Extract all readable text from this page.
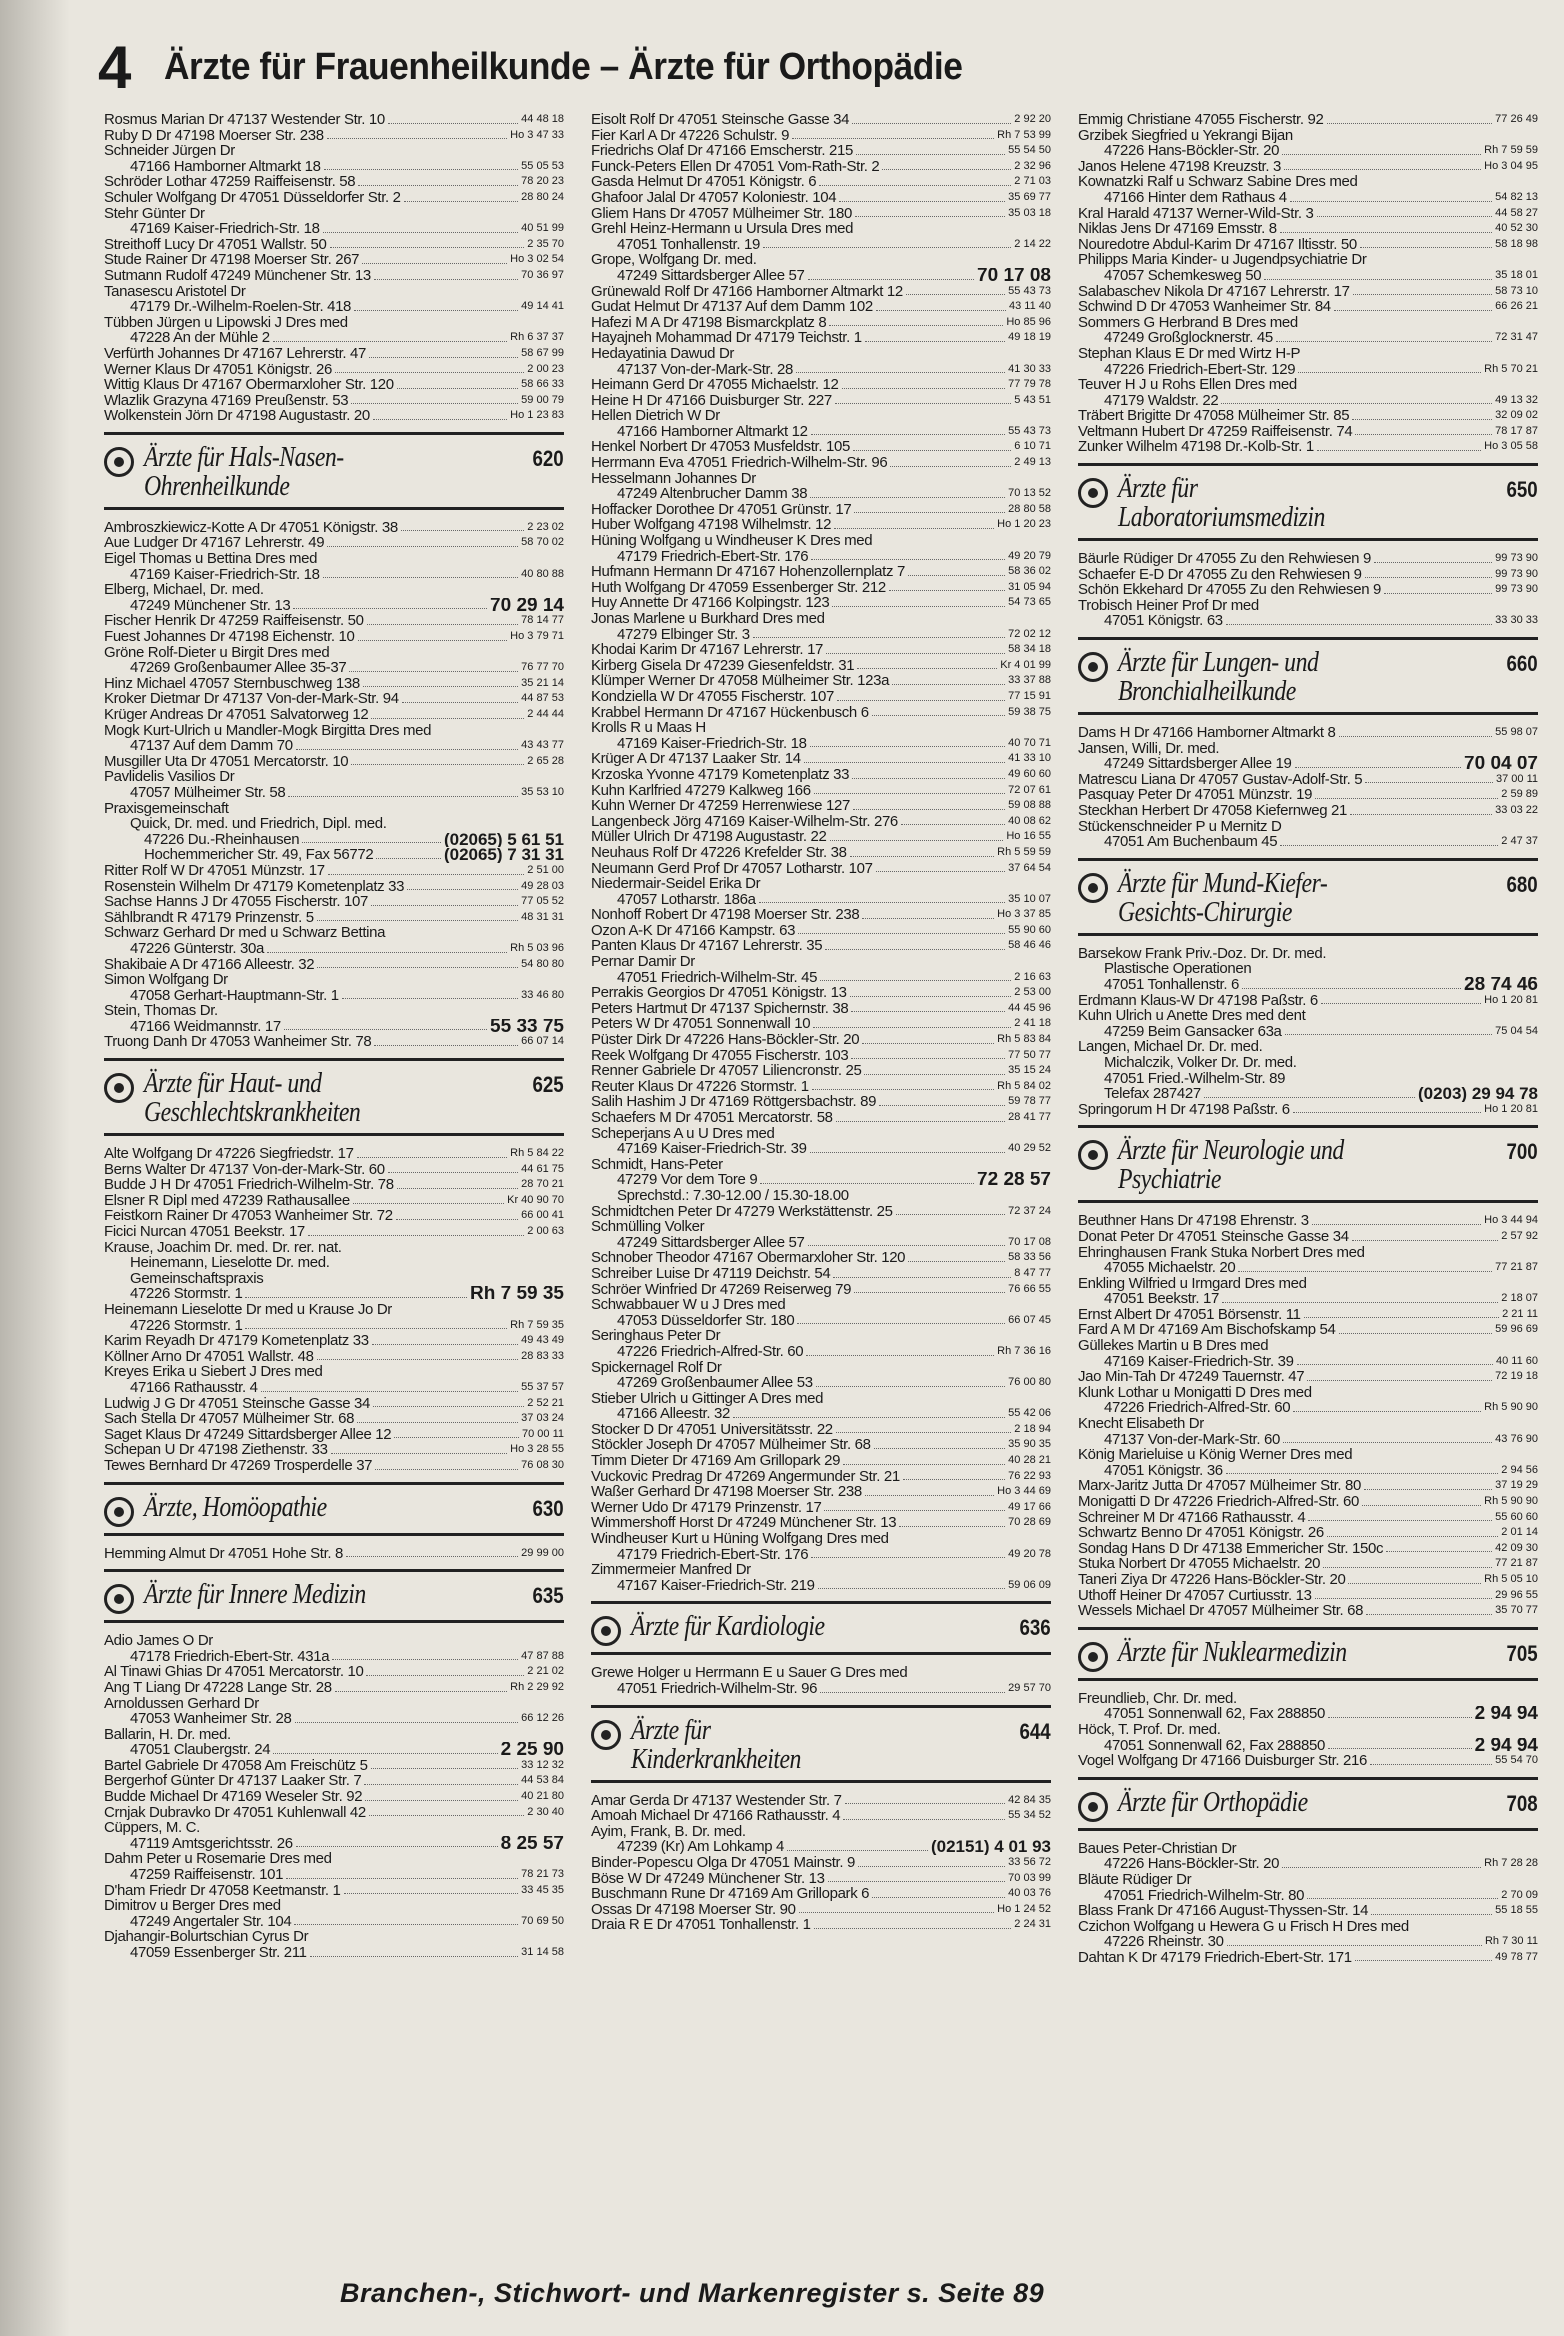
4 Ärzte für Frauenheilkunde – Ärzte für Orthopädie
Rosmus Marian Dr 47137 Westender Str. 10	44 48 18
Ruby D Dr 47198 Moerser Str. 238	Ho 3 47 33
Schneider Jürgen Dr
47166 Hamborner Altmarkt 18	55 05 53
Schröder Lothar 47259 Raiffeisenstr. 58	78 20 23
Schuler Wolfgang Dr 47051 Düsseldorfer Str. 2	28 80 24
Stehr Günter Dr
47169 Kaiser-Friedrich-Str. 18	40 51 99
Streithoff Lucy Dr 47051 Wallstr. 50	2 35 70
Stude Rainer Dr 47198 Moerser Str. 267	Ho 3 02 54
Sutmann Rudolf 47249 Münchener Str. 13	70 36 97
Tanasescu Aristotel Dr
47179 Dr.-Wilhelm-Roelen-Str. 418	49 14 41
Tübben Jürgen u Lipowski J Dres med
47228 An der Mühle 2	Rh 6 37 37
Verfürth Johannes Dr 47167 Lehrerstr. 47	58 67 99
Werner Klaus Dr 47051 Königstr. 26	2 00 23
Wittig Klaus Dr 47167 Obermarxloher Str. 120	58 66 33
Wlazlik Grazyna 47169 Preußenstr. 53	59 00 79
Wolkenstein Jörn Dr 47198 Augustastr. 20	Ho 1 23 83
Ärzte für Hals-Nasen-
Ohrenheilkunde
620
Ambroszkiewicz-Kotte A Dr 47051 Königstr. 38	2 23 02
Aue Ludger Dr 47167 Lehrerstr. 49	58 70 02
Eigel Thomas u Bettina Dres med
47169 Kaiser-Friedrich-Str. 18	40 80 88
Elberg, Michael, Dr. med.
47249 Münchener Str. 13	70 29 14
Fischer Henrik Dr 47259 Raiffeisenstr. 50	78 14 77
Fuest Johannes Dr 47198 Eichenstr. 10	Ho 3 79 71
Gröne Rolf-Dieter u Birgit Dres med
47269 Großenbaumer Allee 35-37	76 77 70
Hinz Michael 47057 Sternbuschweg 138	35 21 14
Kroker Dietmar Dr 47137 Von-der-Mark-Str. 94	44 87 53
Krüger Andreas Dr 47051 Salvatorweg 12	2 44 44
Mogk Kurt-Ulrich u Mandler-Mogk Birgitta Dres med
47137 Auf dem Damm 70	43 43 77
Musgiller Uta Dr 47051 Mercatorstr. 10	2 65 28
Pavlidelis Vasilios Dr
47057 Mülheimer Str. 58	35 53 10
Praxisgemeinschaft
Quick, Dr. med. und Friedrich, Dipl. med.
47226 Du.-Rheinhausen	(02065) 5 61 51
Hochemmericher Str. 49, Fax 56772	(02065) 7 31 31
Ritter Rolf W Dr 47051 Münzstr. 17	2 51 00
Rosenstein Wilhelm Dr 47179 Kometenplatz 33	49 28 03
Sachse Hanns J Dr 47055 Fischerstr. 107	77 05 52
Sählbrandt R 47179 Prinzenstr. 5	48 31 31
Schwarz Gerhard Dr med u Schwarz Bettina
47226 Günterstr. 30a	Rh 5 03 96
Shakibaie A Dr 47166 Alleestr. 32	54 80 80
Simon Wolfgang Dr
47058 Gerhart-Hauptmann-Str. 1	33 46 80
Stein, Thomas Dr.
47166 Weidmannstr. 17	55 33 75
Truong Danh Dr 47053 Wanheimer Str. 78	66 07 14
Ärzte für Haut- und
Geschlechtskrankheiten
625
Alte Wolfgang Dr 47226 Siegfriedstr. 17	Rh 5 84 22
Berns Walter Dr 47137 Von-der-Mark-Str. 60	44 61 75
Budde J H Dr 47051 Friedrich-Wilhelm-Str. 78	28 70 21
Elsner R Dipl med 47239 Rathausallee	Kr 40 90 70
Feistkorn Rainer Dr 47053 Wanheimer Str. 72	66 00 41
Ficici Nurcan 47051 Beekstr. 17	2 00 63
Krause, Joachim Dr. med. Dr. rer. nat.
Heinemann, Lieselotte Dr. med.
Gemeinschaftspraxis
47226 Stormstr. 1	Rh 7 59 35
Heinemann Lieselotte Dr med u Krause Jo Dr
47226 Stormstr. 1	Rh 7 59 35
Karim Reyadh Dr 47179 Kometenplatz 33	49 43 49
Köllner Arno Dr 47051 Wallstr. 48	28 83 33
Kreyes Erika u Siebert J Dres med
47166 Rathausstr. 4	55 37 57
Ludwig J G Dr 47051 Steinsche Gasse 34	2 52 21
Sach Stella Dr 47057 Mülheimer Str. 68	37 03 24
Saget Klaus Dr 47249 Sittardsberger Allee 12	70 00 11
Schepan U Dr 47198 Ziethenstr. 33	Ho 3 28 55
Tewes Bernhard Dr 47269 Trosperdelle 37	76 08 30
Ärzte, Homöopathie	630
Hemming Almut Dr 47051 Hohe Str. 8	29 99 00
Ärzte für Innere Medizin	635
Adio James O Dr
47178 Friedrich-Ebert-Str. 431a	47 87 88
Al Tinawi Ghias Dr 47051 Mercatorstr. 10	2 21 02
Ang T Liang Dr 47228 Lange Str. 28	Rh 2 29 92
Arnoldussen Gerhard Dr
47053 Wanheimer Str. 28	66 12 26
Ballarin, H. Dr. med.
47051 Claubergstr. 24	2 25 90
Bartel Gabriele Dr 47058 Am Freischütz 5	33 12 32
Bergerhof Günter Dr 47137 Laaker Str. 7	44 53 84
Budde Michael Dr 47169 Weseler Str. 92	40 21 80
Crnjak Dubravko Dr 47051 Kuhlenwall 42	2 30 40
Cüppers, M. C.
47119 Amtsgerichtsstr. 26	8 25 57
Dahm Peter u Rosemarie Dres med
47259 Raiffeisenstr. 101	78 21 73
D'ham Friedr Dr 47058 Keetmanstr. 1	33 45 35
Dimitrov u Berger Dres med
47249 Angertaler Str. 104	70 69 50
Djahangir-Bolurtschian Cyrus Dr
47059 Essenberger Str. 211	31 14 58
Eisolt Rolf Dr 47051 Steinsche Gasse 34	2 92 20
Fier Karl A Dr 47226 Schulstr. 9	Rh 7 53 99
Friedrichs Olaf Dr 47166 Emscherstr. 215	55 54 50
Funck-Peters Ellen Dr 47051 Vom-Rath-Str. 2	2 32 96
Gasda Helmut Dr 47051 Königstr. 6	2 71 03
Ghafoor Jalal Dr 47057 Koloniestr. 104	35 69 77
Gliem Hans Dr 47057 Mülheimer Str. 180	35 03 18
Grehl Heinz-Hermann u Ursula Dres med
47051 Tonhallenstr. 19	2 14 22
Grope, Wolfgang Dr. med.
47249 Sittardsberger Allee 57	70 17 08
Grünewald Rolf Dr 47166 Hamborner Altmarkt 12	55 43 73
Gudat Helmut Dr 47137 Auf dem Damm 102	43 11 40
Hafezi M A Dr 47198 Bismarckplatz 8	Ho 85 96
Hayajneh Mohammad Dr 47179 Teichstr. 1	49 18 19
Hedayatinia Dawud Dr
47137 Von-der-Mark-Str. 28	41 30 33
Heimann Gerd Dr 47055 Michaelstr. 12	77 79 78
Heine H Dr 47166 Duisburger Str. 227	5 43 51
Hellen Dietrich W Dr
47166 Hamborner Altmarkt 12	55 43 73
Henkel Norbert Dr 47053 Musfeldstr. 105	6 10 71
Herrmann Eva 47051 Friedrich-Wilhelm-Str. 96	2 49 13
Hesselmann Johannes Dr
47249 Altenbrucher Damm 38	70 13 52
Hoffacker Dorothee Dr 47051 Grünstr. 17	28 80 58
Huber Wolfgang 47198 Wilhelmstr. 12	Ho 1 20 23
Hüning Wolfgang u Windheuser K Dres med
47179 Friedrich-Ebert-Str. 176	49 20 79
Hufmann Hermann Dr 47167 Hohenzollernplatz 7	58 36 02
Huth Wolfgang Dr 47059 Essenberger Str. 212	31 05 94
Huy Annette Dr 47166 Kolpingstr. 123	54 73 65
Jonas Marlene u Burkhard Dres med
47279 Elbinger Str. 3	72 02 12
Khodai Karim Dr 47167 Lehrerstr. 17	58 34 18
Kirberg Gisela Dr 47239 Giesenfeldstr. 31	Kr 4 01 99
Klümper Werner Dr 47058 Mülheimer Str. 123a	33 37 88
Kondziella W Dr 47055 Fischerstr. 107	77 15 91
Krabbel Hermann Dr 47167 Hückenbusch 6	59 38 75
Krolls R u Maas H
47169 Kaiser-Friedrich-Str. 18	40 70 71
Krüger A Dr 47137 Laaker Str. 14	41 33 10
Krzoska Yvonne 47179 Kometenplatz 33	49 60 60
Kuhn Karlfried 47279 Kalkweg 166	72 07 61
Kuhn Werner Dr 47259 Herrenwiese 127	59 08 88
Langenbeck Jörg 47169 Kaiser-Wilhelm-Str. 276	40 08 62
Müller Ulrich Dr 47198 Augustastr. 22	Ho 16 55
Neuhaus Rolf Dr 47226 Krefelder Str. 38	Rh 5 59 59
Neumann Gerd Prof Dr 47057 Lotharstr. 107	37 64 54
Niedermair-Seidel Erika Dr
47057 Lotharstr. 186a	35 10 07
Nonhoff Robert Dr 47198 Moerser Str. 238	Ho 3 37 85
Ozon A-K Dr 47166 Kampstr. 63	55 90 60
Panten Klaus Dr 47167 Lehrerstr. 35	58 46 46
Pernar Damir Dr
47051 Friedrich-Wilhelm-Str. 45	2 16 63
Perrakis Georgios Dr 47051 Königstr. 13	2 53 00
Peters Hartmut Dr 47137 Spichernstr. 38	44 45 96
Peters W Dr 47051 Sonnenwall 10	2 41 18
Püster Dirk Dr 47226 Hans-Böckler-Str. 20	Rh 5 83 84
Reek Wolfgang Dr 47055 Fischerstr. 103	77 50 77
Renner Gabriele Dr 47057 Liliencronstr. 25	35 15 24
Reuter Klaus Dr 47226 Stormstr. 1	Rh 5 84 02
Salih Hashim J Dr 47169 Röttgersbachstr. 89	59 78 77
Schaefers M Dr 47051 Mercatorstr. 58	28 41 77
Scheperjans A u U Dres med
47169 Kaiser-Friedrich-Str. 39	40 29 52
Schmidt, Hans-Peter
47279 Vor dem Tore 9	72 28 57
Sprechstd.: 7.30-12.00 / 15.30-18.00
Schmidtchen Peter Dr 47279 Werkstättenstr. 25	72 37 24
Schmülling Volker
47249 Sittardsberger Allee 57	70 17 08
Schnober Theodor 47167 Obermarxloher Str. 120	58 33 56
Schreiber Luise Dr 47119 Deichstr. 54	8 47 77
Schröer Winfried Dr 47269 Reiserweg 79	76 66 55
Schwabbauer W u J Dres med
47053 Düsseldorfer Str. 180	66 07 45
Seringhaus Peter Dr
47226 Friedrich-Alfred-Str. 60	Rh 7 36 16
Spickernagel Rolf Dr
47269 Großenbaumer Allee 53	76 00 80
Stieber Ulrich u Gittinger A Dres med
47166 Alleestr. 32	55 42 06
Stocker D Dr 47051 Universitätsstr. 22	2 18 94
Stöckler Joseph Dr 47057 Mülheimer Str. 68	35 90 35
Timm Dieter Dr 47169 Am Grillopark 29	40 28 21
Vuckovic Predrag Dr 47269 Angermunder Str. 21	76 22 93
Waßer Gerhard Dr 47198 Moerser Str. 238	Ho 3 44 69
Werner Udo Dr 47179 Prinzenstr. 17	49 17 66
Wimmershoff Horst Dr 47249 Münchener Str. 13	70 28 69
Windheuser Kurt u Hüning Wolfgang Dres med
47179 Friedrich-Ebert-Str. 176	49 20 78
Zimmermeier Manfred Dr
47167 Kaiser-Friedrich-Str. 219	59 06 09
Ärzte für Kardiologie	636
Grewe Holger u Herrmann E u Sauer G Dres med
47051 Friedrich-Wilhelm-Str. 96	29 57 70
Ärzte für
Kinderkrankheiten
644
Amar Gerda Dr 47137 Westender Str. 7	42 84 35
Amoah Michael Dr 47166 Rathausstr. 4	55 34 52
Ayim, Frank, B. Dr. med.
47239 (Kr) Am Lohkamp 4	(02151) 4 01 93
Binder-Popescu Olga Dr 47051 Mainstr. 9	33 56 72
Böse W Dr 47249 Münchener Str. 13	70 03 99
Buschmann Rune Dr 47169 Am Grillopark 6	40 03 76
Ossas Dr 47198 Moerser Str. 90	Ho 1 24 52
Draia R E Dr 47051 Tonhallenstr. 1	2 24 31
Emmig Christiane 47055 Fischerstr. 92	77 26 49
Grzibek Siegfried u Yekrangi Bijan
47226 Hans-Böckler-Str. 20	Rh 7 59 59
Janos Helene 47198 Kreuzstr. 3	Ho 3 04 95
Kownatzki Ralf u Schwarz Sabine Dres med
47166 Hinter dem Rathaus 4	54 82 13
Kral Harald 47137 Werner-Wild-Str. 3	44 58 27
Niklas Jens Dr 47169 Emsstr. 8	40 52 30
Nouredotre Abdul-Karim Dr 47167 Iltisstr. 50	58 18 98
Philipps Maria Kinder- u Jugendpsychiatrie Dr
47057 Schemkesweg 50	35 18 01
Salabaschev Nikola Dr 47167 Lehrerstr. 17	58 73 10
Schwind D Dr 47053 Wanheimer Str. 84	66 26 21
Sommers G Herbrand B Dres med
47249 Großglocknerstr. 45	72 31 47
Stephan Klaus E Dr med Wirtz H-P
47226 Friedrich-Ebert-Str. 129	Rh 5 70 21
Teuver H J u Rohs Ellen Dres med
47179 Waldstr. 22	49 13 32
Träbert Brigitte Dr 47058 Mülheimer Str. 85	32 09 02
Veltmann Hubert Dr 47259 Raiffeisenstr. 74	78 17 87
Zunker Wilhelm 47198 Dr.-Kolb-Str. 1	Ho 3 05 58
Ärzte für
Laboratoriumsmedizin
650
Bäurle Rüdiger Dr 47055 Zu den Rehwiesen 9	99 73 90
Schaefer E-D Dr 47055 Zu den Rehwiesen 9	99 73 90
Schön Ekkehard Dr 47055 Zu den Rehwiesen 9	99 73 90
Trobisch Heiner Prof Dr med
47051 Königstr. 63	33 30 33
Ärzte für Lungen- und
Bronchialheilkunde
660
Dams H Dr 47166 Hamborner Altmarkt 8	55 98 07
Jansen, Willi, Dr. med.
47249 Sittardsberger Allee 19	70 04 07
Matrescu Liana Dr 47057 Gustav-Adolf-Str. 5	37 00 11
Pasquay Peter Dr 47051 Münzstr. 19	2 59 89
Steckhan Herbert Dr 47058 Kiefernweg 21	33 03 22
Stückenschneider P u Mernitz D
47051 Am Buchenbaum 45	2 47 37
Ärzte für Mund-Kiefer-
Gesichts-Chirurgie
680
Barsekow Frank Priv.-Doz. Dr. Dr. med.
Plastische Operationen
47051 Tonhallenstr. 6	28 74 46
Erdmann Klaus-W Dr 47198 Paßstr. 6	Ho 1 20 81
Kuhn Ulrich u Anette Dres med dent
47259 Beim Gansacker 63a	75 04 54
Langen, Michael Dr. Dr. med.
Michalczik, Volker Dr. Dr. med.
47051 Fried.-Wilhelm-Str. 89
Telefax 287427	(0203) 29 94 78
Springorum H Dr 47198 Paßstr. 6	Ho 1 20 81
Ärzte für Neurologie und
Psychiatrie
700
Beuthner Hans Dr 47198 Ehrenstr. 3	Ho 3 44 94
Donat Peter Dr 47051 Steinsche Gasse 34	2 57 92
Ehringhausen Frank Stuka Norbert Dres med
47055 Michaelstr. 20	77 21 87
Enkling Wilfried u Irmgard Dres med
47051 Beekstr. 17	2 18 07
Ernst Albert Dr 47051 Börsenstr. 11	2 21 11
Fard A M Dr 47169 Am Bischofskamp 54	59 96 69
Güllekes Martin u B Dres med
47169 Kaiser-Friedrich-Str. 39	40 11 60
Jao Min-Tah Dr 47249 Tauernstr. 47	72 19 18
Klunk Lothar u Monigatti D Dres med
47226 Friedrich-Alfred-Str. 60	Rh 5 90 90
Knecht Elisabeth Dr
47137 Von-der-Mark-Str. 60	43 76 90
König Marieluise u König Werner Dres med
47051 Königstr. 36	2 94 56
Marx-Jaritz Jutta Dr 47057 Mülheimer Str. 80	37 19 29
Monigatti D Dr 47226 Friedrich-Alfred-Str. 60	Rh 5 90 90
Schreiner M Dr 47166 Rathausstr. 4	55 60 60
Schwartz Benno Dr 47051 Königstr. 26	2 01 14
Sondag Hans D Dr 47138 Emmericher Str. 150c	42 09 30
Stuka Norbert Dr 47055 Michaelstr. 20	77 21 87
Taneri Ziya Dr 47226 Hans-Böckler-Str. 20	Rh 5 05 10
Uthoff Heiner Dr 47057 Curtiusstr. 13	29 96 55
Wessels Michael Dr 47057 Mülheimer Str. 68	35 70 77
Ärzte für Nuklearmedizin	705
Freundlieb, Chr. Dr. med.
47051 Sonnenwall 62, Fax 288850	2 94 94
Höck, T. Prof. Dr. med.
47051 Sonnenwall 62, Fax 288850	2 94 94
Vogel Wolfgang Dr 47166 Duisburger Str. 216	55 54 70
Ärzte für Orthopädie	708
Baues Peter-Christian Dr
47226 Hans-Böckler-Str. 20	Rh 7 28 28
Bläute Rüdiger Dr
47051 Friedrich-Wilhelm-Str. 80	2 70 09
Blass Frank Dr 47166 August-Thyssen-Str. 14	55 18 55
Czichon Wolfgang u Hewera G u Frisch H Dres med
47226 Rheinstr. 30	Rh 7 30 11
Dahtan K Dr 47179 Friedrich-Ebert-Str. 171	49 78 77
Branchen-, Stichwort- und Markenregister s. Seite 89
